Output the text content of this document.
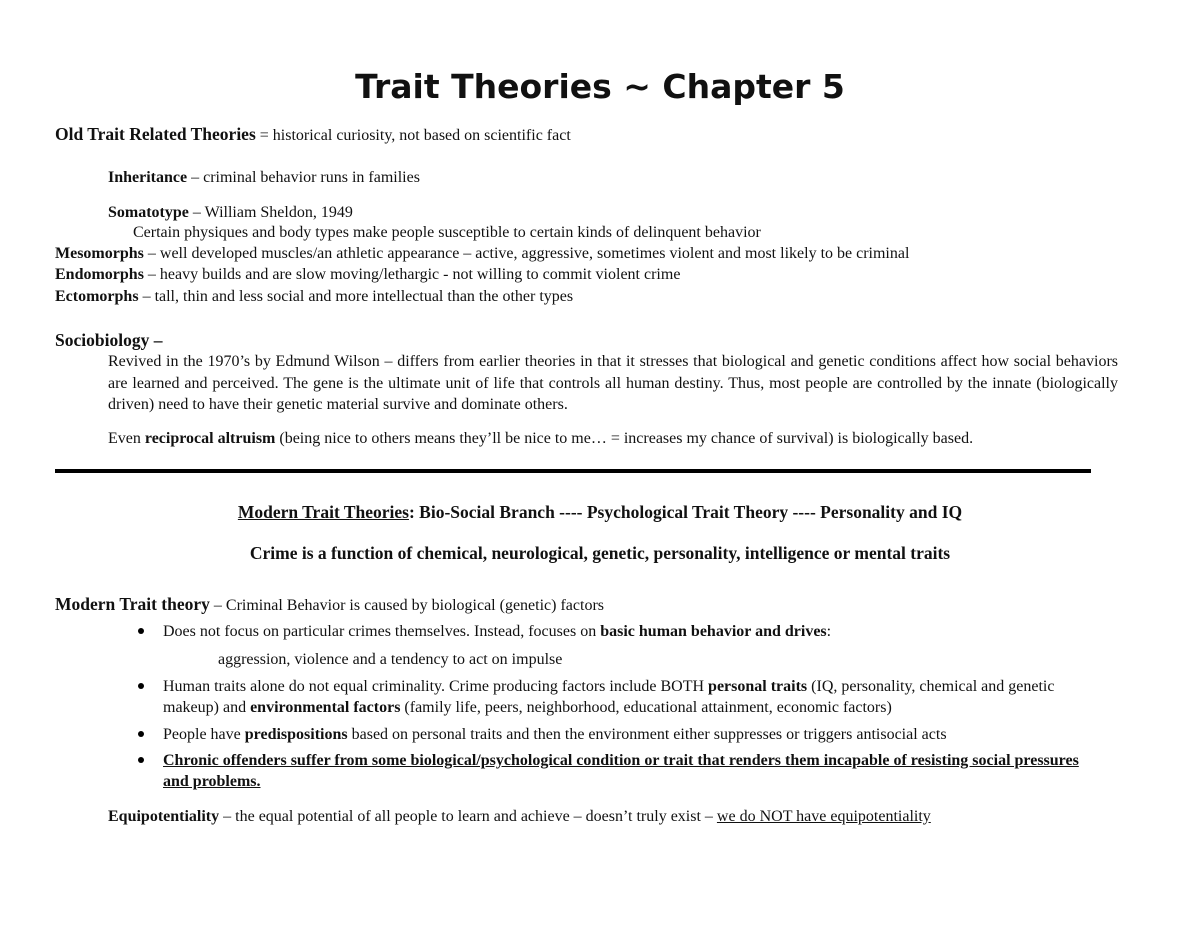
Trait Theories ~ Chapter 5
Old Trait Related Theories = historical curiosity, not based on scientific fact
Inheritance – criminal behavior runs in families
Somatotype – William Sheldon, 1949
Certain physiques and body types make people susceptible to certain kinds of delinquent behavior
Mesomorphs – well developed muscles/an athletic appearance – active, aggressive, sometimes violent and most likely to be criminal
Endomorphs – heavy builds and are slow moving/lethargic - not willing to commit violent crime
Ectomorphs – tall, thin and less social and more intellectual than the other types
Sociobiology –
Revived in the 1970’s by Edmund Wilson – differs from earlier theories in that it stresses that biological and genetic conditions affect how social behaviors are learned and perceived. The gene is the ultimate unit of life that controls all human destiny. Thus, most people are controlled by the innate (biologically driven) need to have their genetic material survive and dominate others.
Even reciprocal altruism (being nice to others means they’ll be nice to me… = increases my chance of survival) is biologically based.
Modern Trait Theories: Bio-Social Branch ---- Psychological Trait Theory ---- Personality and IQ
Crime is a function of chemical, neurological, genetic, personality, intelligence or mental traits
Modern Trait theory – Criminal Behavior is caused by biological (genetic) factors
Does not focus on particular crimes themselves. Instead, focuses on basic human behavior and drives:
aggression, violence and a tendency to act on impulse
Human traits alone do not equal criminality. Crime producing factors include BOTH personal traits (IQ, personality, chemical and genetic makeup) and environmental factors (family life, peers, neighborhood, educational attainment, economic factors)
People have predispositions based on personal traits and then the environment either suppresses or triggers antisocial acts
Chronic offenders suffer from some biological/psychological condition or trait that renders them incapable of resisting social pressures and problems.
Equipotentiality – the equal potential of all people to learn and achieve – doesn’t truly exist – we do NOT have equipotentiality
